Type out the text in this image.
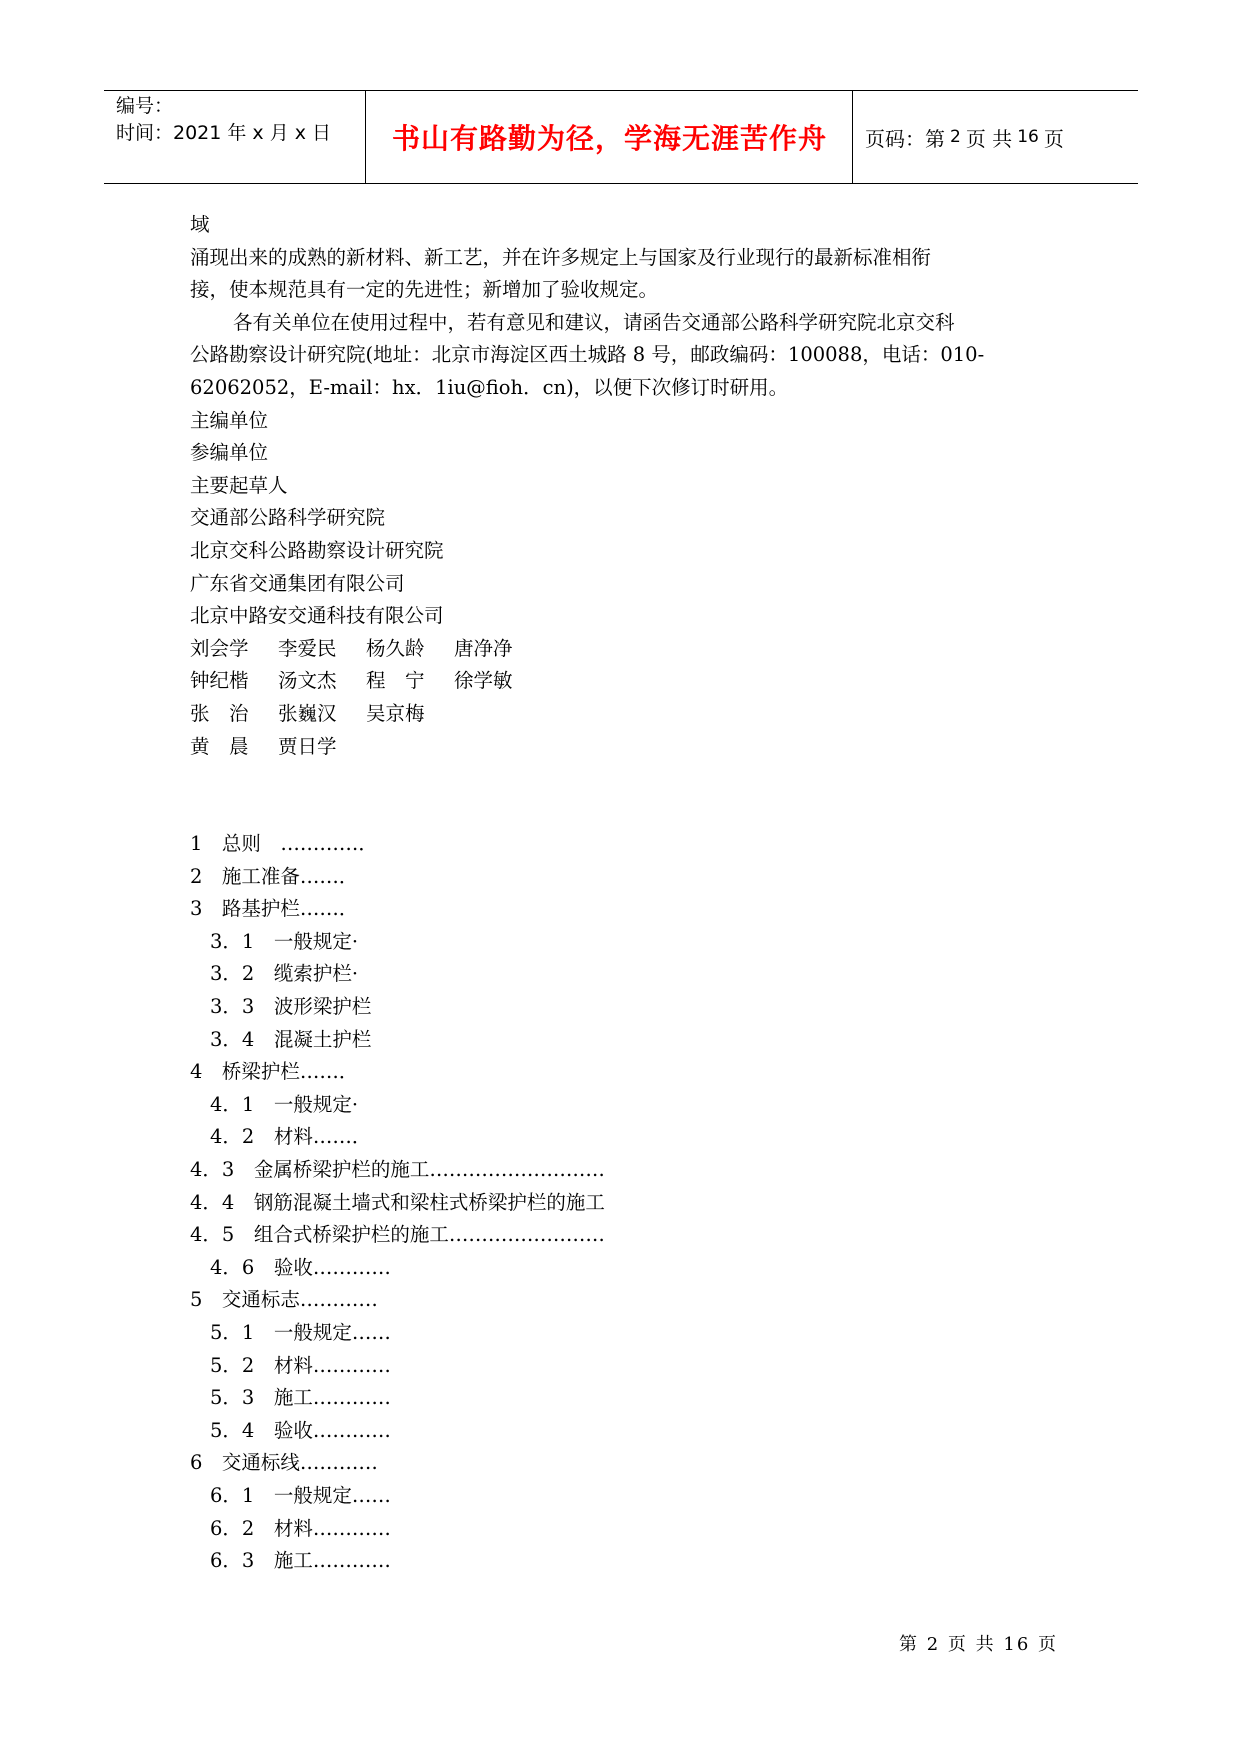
编号：
时间：2021 年 x 月 x 日	书山有路勤为径，学海无涯苦作舟	页码：第 2 页 共 16 页

域

涌现出来的成熟的新材料、新工艺，并在许多规定上与国家及行业现行的最新标准相衔

接，使本规范具有一定的先进性；新增加了验收规定。

各有关单位在使用过程中，若有意见和建议，请函告交通部公路科学研究院北京交科

公路勘察设计研究院(地址：北京市海淀区西土城路 8 号，邮政编码：100088，电话：010-

62062052，E-mail：hx．1iu@fioh．cn)，以便下次修订时研用。

主编单位

参编单位

主要起草人

交通部公路科学研究院

北京交科公路勘察设计研究院

广东省交通集团有限公司

北京中路安交通科技有限公司

刘会学 李爱民 杨久龄 唐净净

钟纪楷 汤文杰 程　宁 徐学敏

张　治 张巍汉 吴京梅

黄　晨 贾日学

1　总则　…………．

2　施工准备……．

3　路基护栏……．

3．1　一般规定·

3．2　缆索护栏·

3．3　波形梁护栏

3．4　混凝土护栏

4　桥梁护栏……．

4．1　一般规定·

4．2　材料……．

4．3　金属桥梁护栏的施工………………………

4．4　钢筋混凝土墙式和梁柱式桥梁护栏的施工

4．5　组合式桥梁护栏的施工……………………

4．6　验收…………

5　交通标志…………

5．1　一般规定……

5．2　材料…………

5．3　施工…………

5．4　验收…………

6　交通标线…………

6．1　一般规定……

6．2　材料…………

6．3　施工…………

第 2 页 共 16 页
